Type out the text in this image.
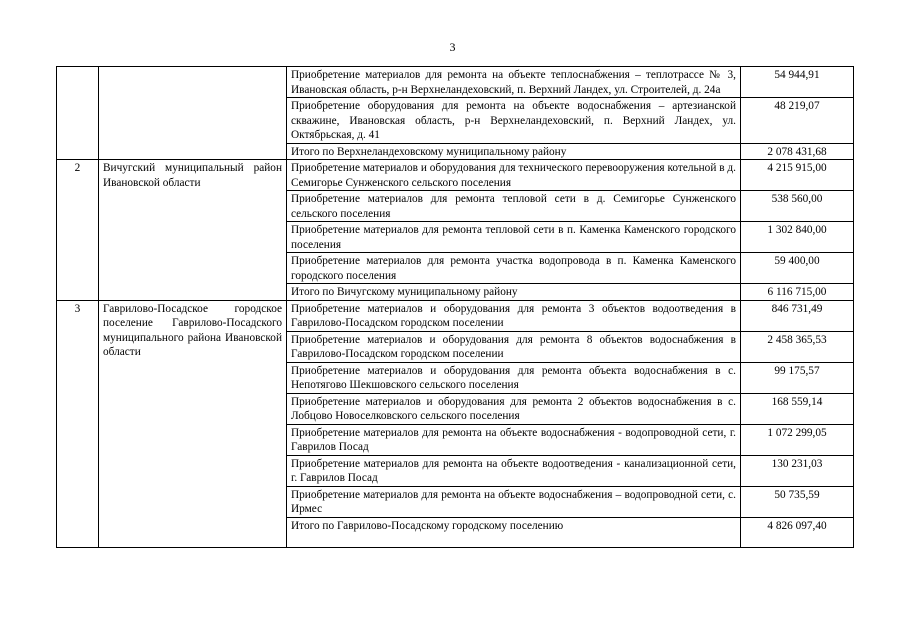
3
		Приобретение материалов для ремонта на объекте теплоснабжения – теплотрассе № 3, Ивановская область, р-н Верхнеландеховский, п. Верхний Ландех, ул. Строителей, д. 24а	54 944,91
		Приобретение оборудования для ремонта на объекте водоснабжения – артезианской скважине, Ивановская область, р-н Верхнеландеховский, п. Верхний Ландех, ул. Октябрьская, д. 41	48 219,07
		Итого по Верхнеландеховскому муниципальному району	2 078 431,68
2	Вичугский муниципальный район Ивановской области	Приобретение материалов и оборудования для технического перевооружения котельной в д. Семигорье Сунженского сельского поселения	4 215 915,00
		Приобретение материалов для ремонта тепловой сети в д. Семигорье Сунженского сельского поселения	538 560,00
		Приобретение материалов для ремонта тепловой сети в п. Каменка Каменского городского поселения	1 302 840,00
		Приобретение материалов для ремонта участка водопровода в п. Каменка Каменского городского поселения	59 400,00
		Итого по Вичугскому муниципальному району	6 116 715,00
3	Гаврилово-Посадское городское поселение Гаврилово-Посадского муниципального района Ивановской области	Приобретение материалов и оборудования для ремонта 3 объектов водоотведения в Гаврилово-Посадском городском поселении	846 731,49
		Приобретение материалов и оборудования для ремонта 8 объектов водоснабжения в Гаврилово-Посадском городском поселении	2 458 365,53
		Приобретение материалов и оборудования для ремонта объекта водоснабжения в с. Непотягово Шекшовского сельского поселения	99 175,57
		Приобретение материалов и оборудования для ремонта 2 объектов водоснабжения в с. Лобцово Новоселковского сельского поселения	168 559,14
		Приобретение материалов для ремонта на объекте водоснабжения - водопроводной сети, г. Гаврилов Посад	1 072 299,05
		Приобретение материалов для ремонта на объекте водоотведения - канализационной сети, г. Гаврилов Посад	130 231,03
		Приобретение материалов для ремонта на объекте водоснабжения – водопроводной сети, с. Ирмес	50 735,59
		Итого по Гаврилово-Посадскому городскому поселению	4 826 097,40
